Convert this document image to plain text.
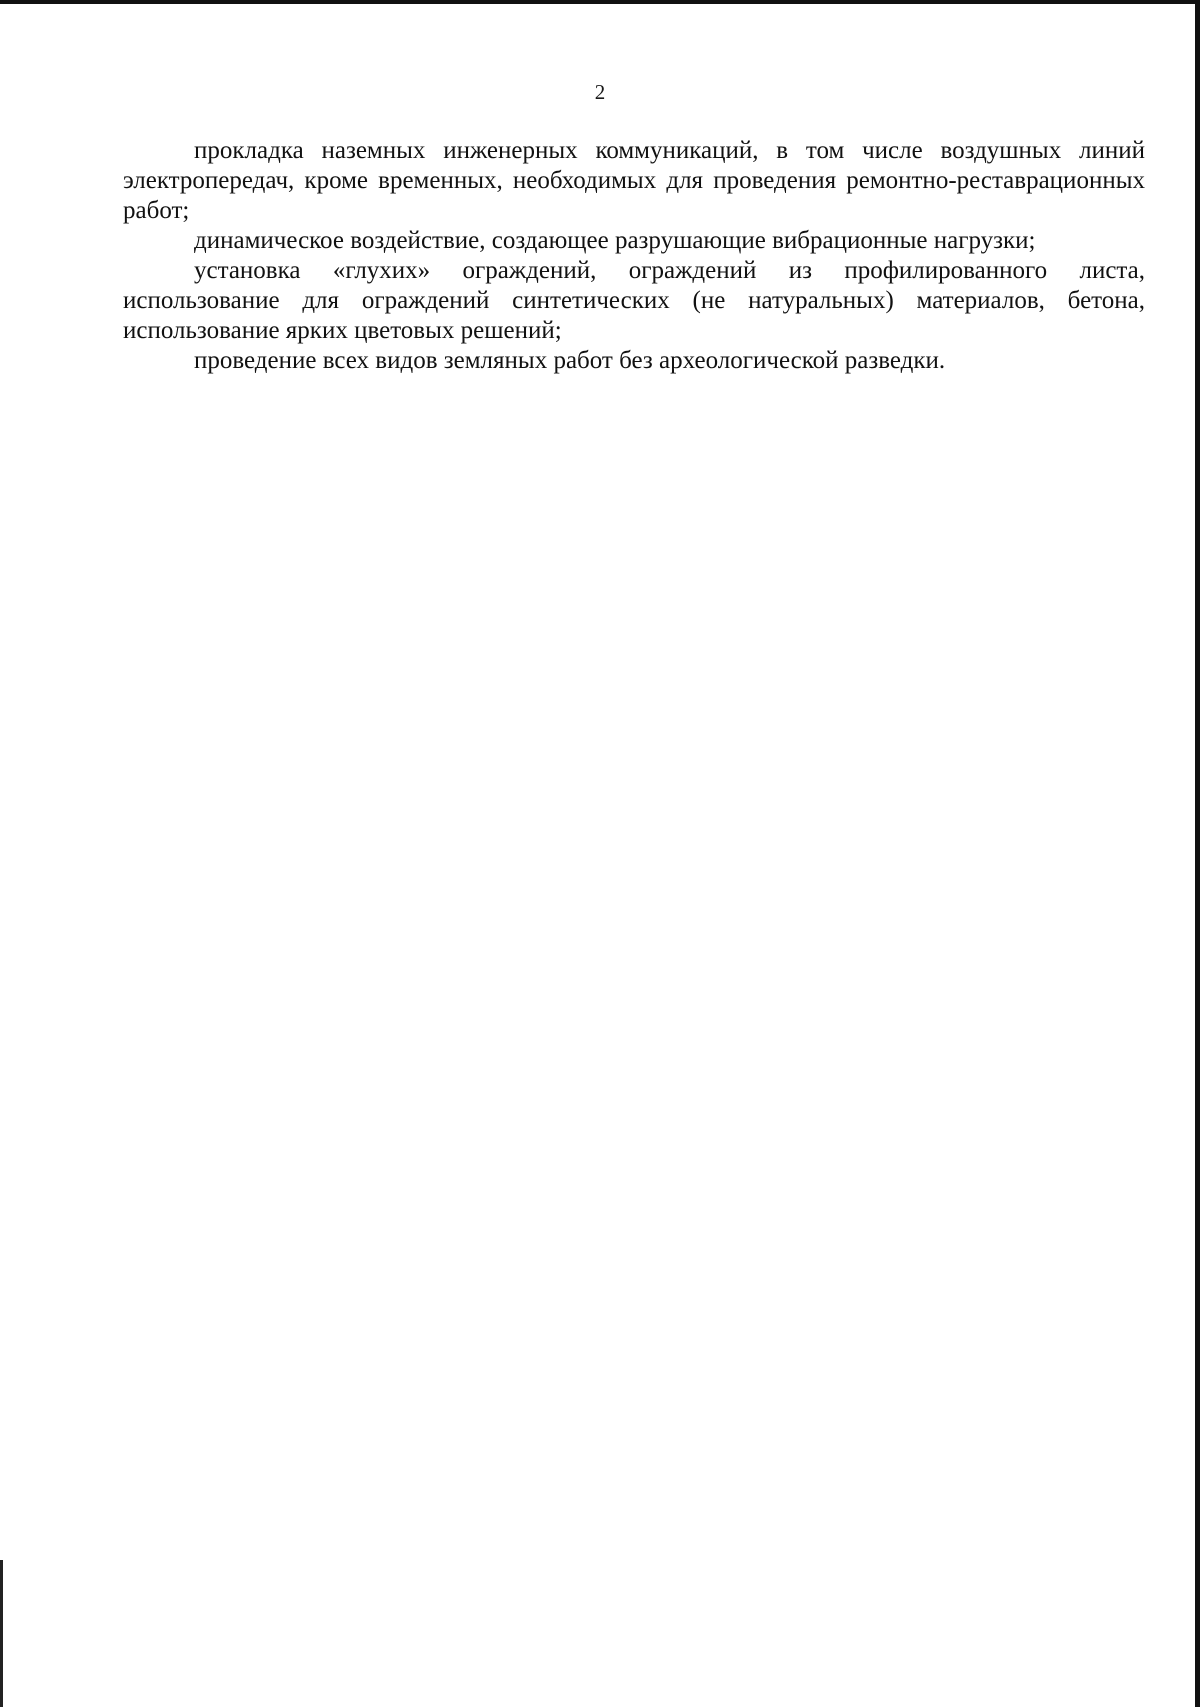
2

прокладка наземных инженерных коммуникаций, в том числе воздушных линий электропередач, кроме временных, необходимых для проведения ремонтно-реставрационных работ;

динамическое воздействие, создающее разрушающие вибрационные нагрузки;

установка «глухих» ограждений, ограждений из профилированного листа, использование для ограждений синтетических (не натуральных) материалов, бетона, использование ярких цветовых решений;

проведение всех видов земляных работ без археологической разведки.
